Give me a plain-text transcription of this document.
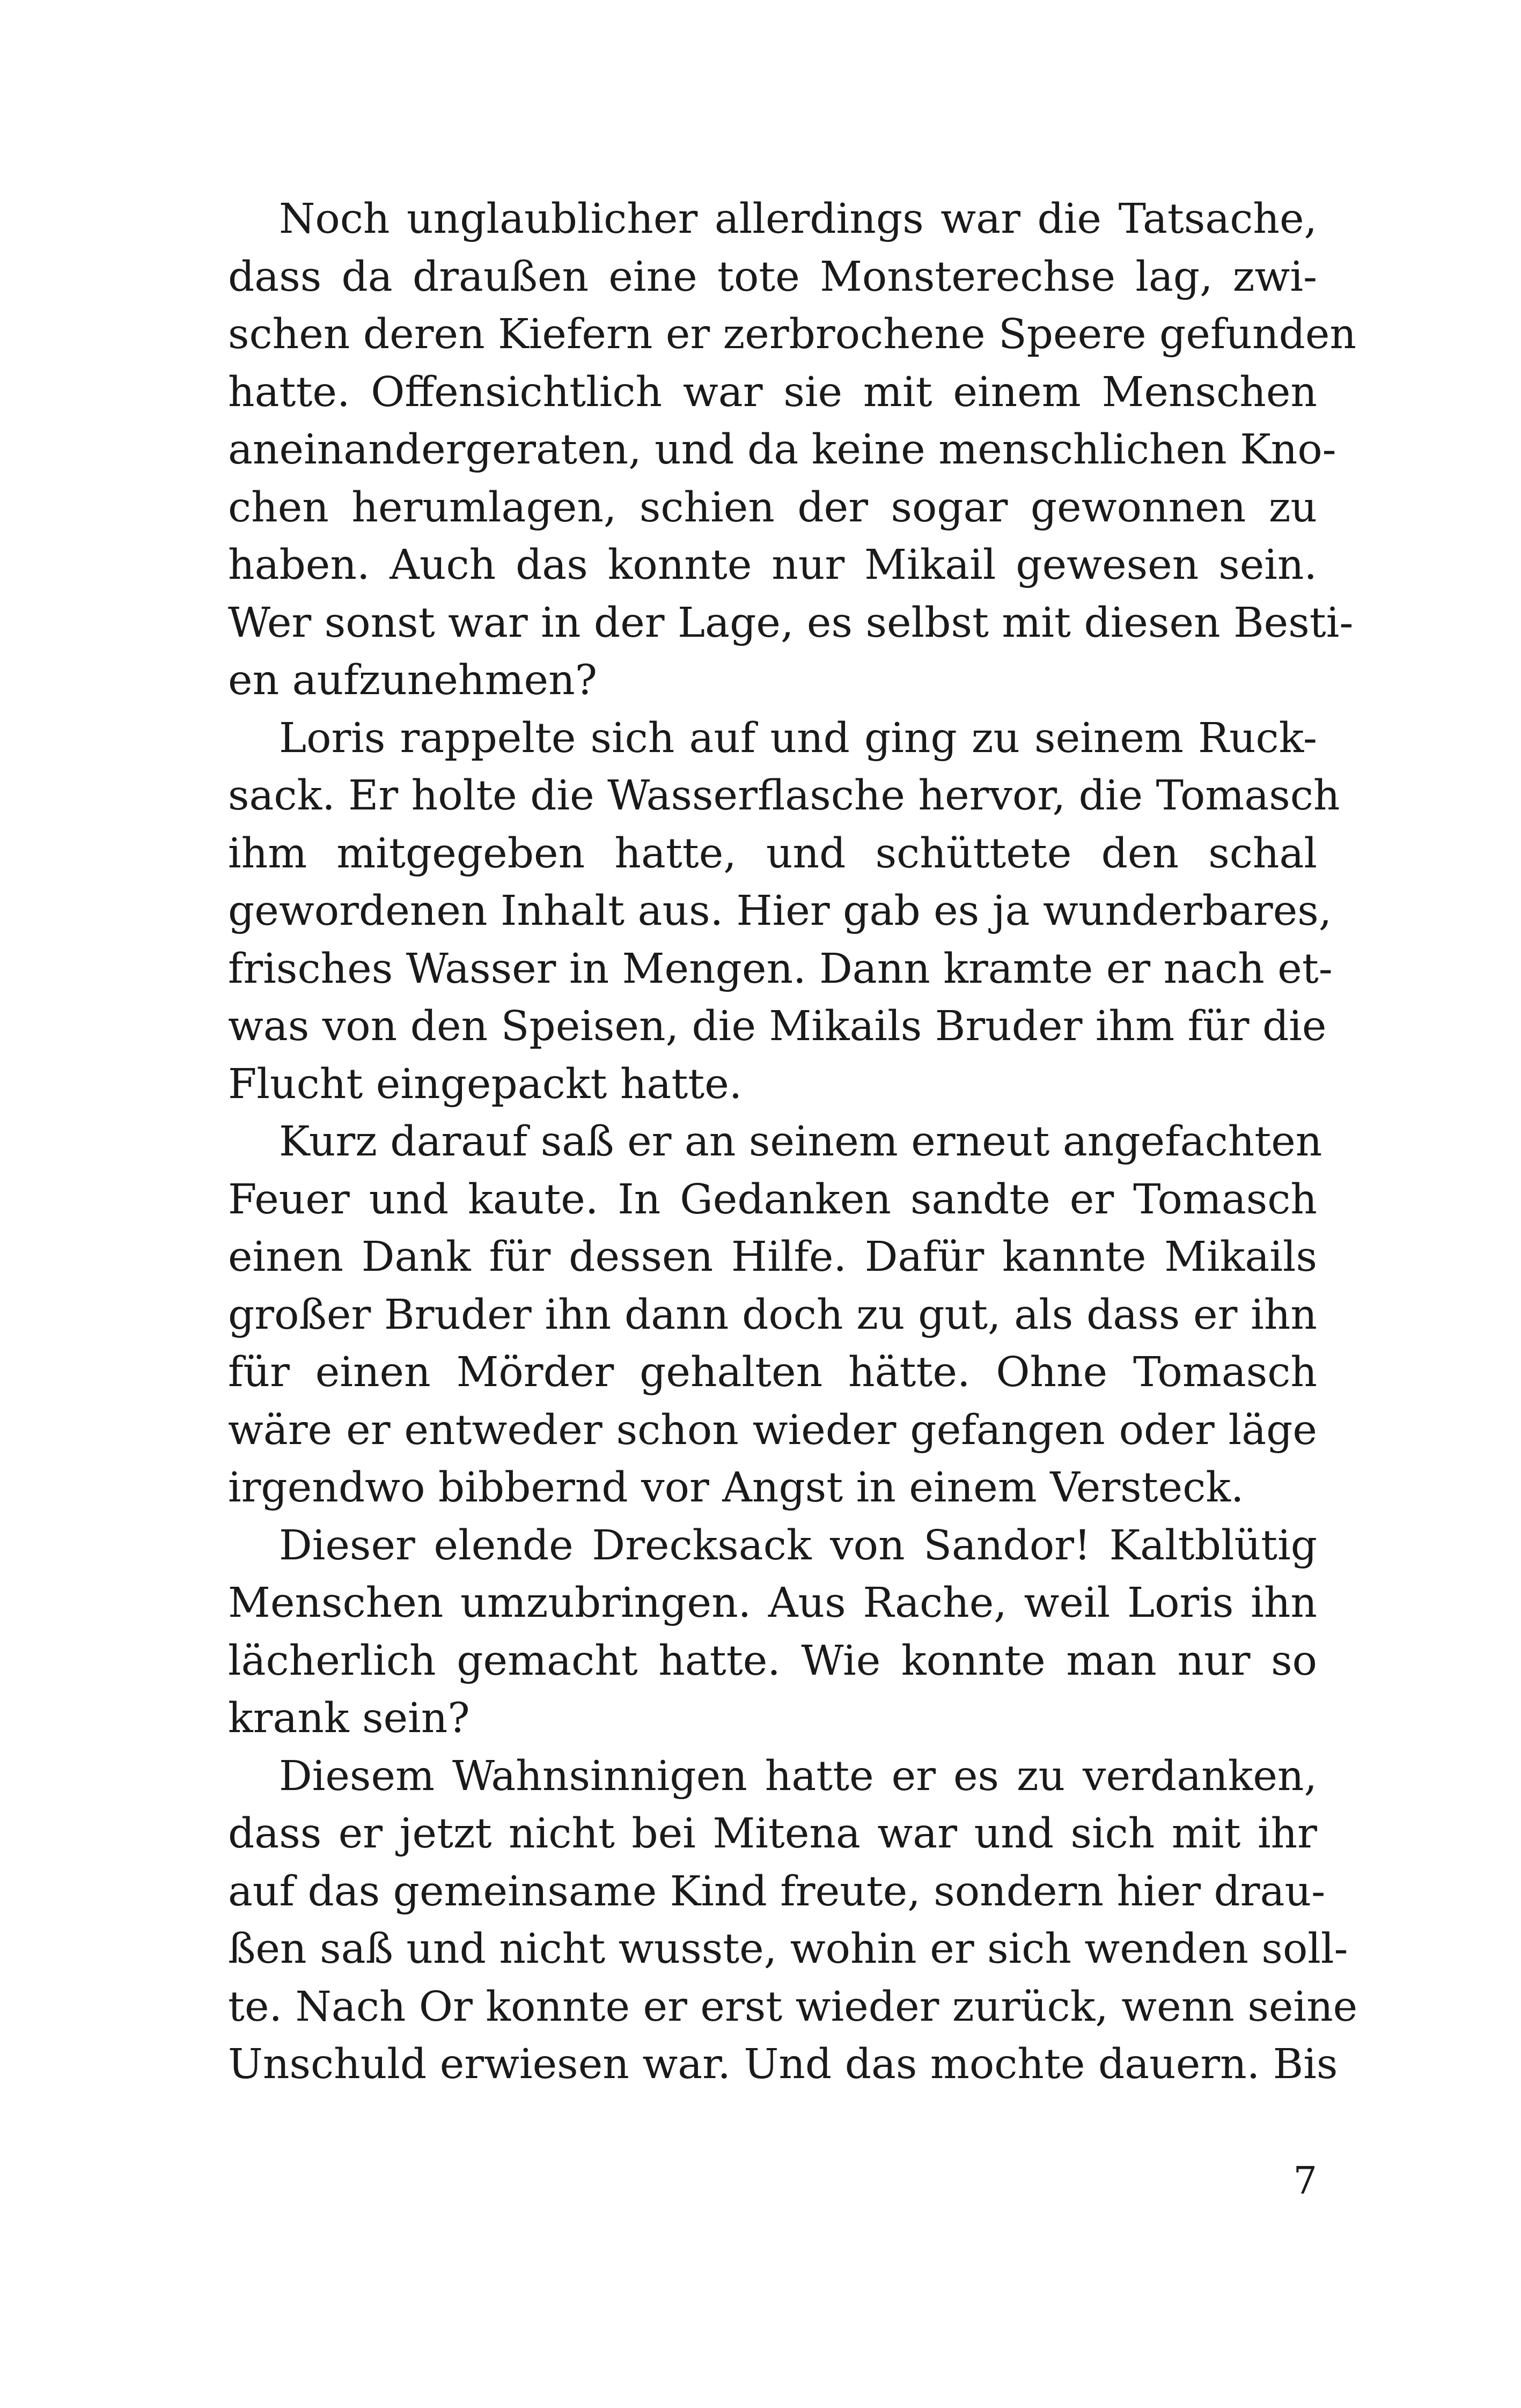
Noch unglaublicher allerdings war die Tatsache,
dass da draußen eine tote Monsterechse lag, zwi-
schen deren Kiefern er zerbrochene Speere gefunden
hatte. Offensichtlich war sie mit einem Menschen
aneinandergeraten, und da keine menschlichen Kno-
chen herumlagen, schien der sogar gewonnen zu
haben. Auch das konnte nur Mikail gewesen sein.
Wer sonst war in der Lage, es selbst mit diesen Besti-
en aufzunehmen?
Loris rappelte sich auf und ging zu seinem Ruck-
sack. Er holte die Wasserflasche hervor, die Tomasch
ihm mitgegeben hatte, und schüttete den schal
gewordenen Inhalt aus. Hier gab es ja wunderbares,
frisches Wasser in Mengen. Dann kramte er nach et-
was von den Speisen, die Mikails Bruder ihm für die
Flucht eingepackt hatte.
Kurz darauf saß er an seinem erneut angefachten
Feuer und kaute. In Gedanken sandte er Tomasch
einen Dank für dessen Hilfe. Dafür kannte Mikails
großer Bruder ihn dann doch zu gut, als dass er ihn
für einen Mörder gehalten hätte. Ohne Tomasch
wäre er entweder schon wieder gefangen oder läge
irgendwo bibbernd vor Angst in einem Versteck.
Dieser elende Drecksack von Sandor! Kaltblütig
Menschen umzubringen. Aus Rache, weil Loris ihn
lächerlich gemacht hatte. Wie konnte man nur so
krank sein?
Diesem Wahnsinnigen hatte er es zu verdanken,
dass er jetzt nicht bei Mitena war und sich mit ihr
auf das gemeinsame Kind freute, sondern hier drau-
ßen saß und nicht wusste, wohin er sich wenden soll-
te. Nach Or konnte er erst wieder zurück, wenn seine
Unschuld erwiesen war. Und das mochte dauern. Bis
7
